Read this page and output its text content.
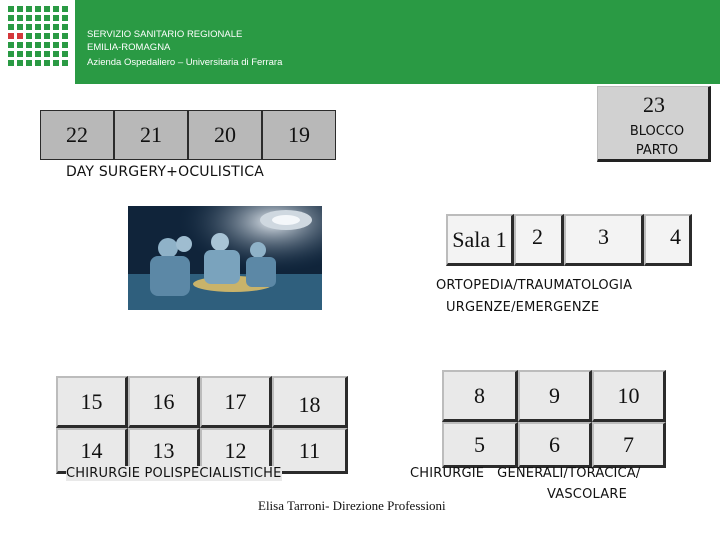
SERVIZIO SANITARIO REGIONALE
EMILIA-ROMAGNA
Azienda Ospedaliero – Universitaria di Ferrara
22 21 20 19
DAY SURGERY+OCULISTICA
23
BLOCCO PARTO
Sala 1 2	3	4
ORTOPEDIA/TRAUMATOLOGIA
URGENZE/EMERGENZE
15 16 17 18
14 13 12 11
CHIRURGIE POLISPECIALISTICHE
8	9	10
5	6	7
CHIRURGIE   GENERALI/TORACICA/
VASCOLARE
Elisa Tarroni- Direzione Professioni
